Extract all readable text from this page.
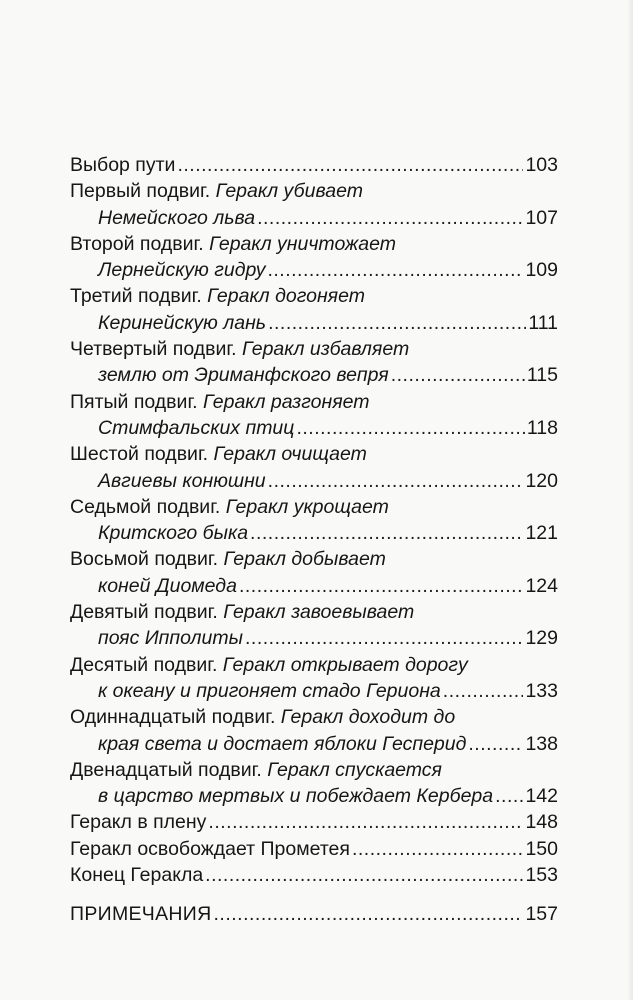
Выбор пути .....	103
Первый подвиг. Геракл убивает
Немейского льва .....	107
Второй подвиг. Геракл уничтожает
Лернейскую гидру .....	109
Третий подвиг. Геракл догоняет
Керинейскую лань .....	111
Четвертый подвиг. Геракл избавляет
землю от Эриманфского вепря .....	115
Пятый подвиг. Геракл разгоняет
Стимфальских птиц .....	118
Шестой подвиг. Геракл очищает
Авгиевы конюшни .....	120
Седьмой подвиг. Геракл укрощает
Критского быка .....	121
Восьмой подвиг. Геракл добывает
коней Диомеда .....	124
Девятый подвиг. Геракл завоевывает
пояс Ипполиты .....	129
Десятый подвиг. Геракл открывает дорогу
к океану и пригоняет стадо Гериона .....	133
Одиннадцатый подвиг. Геракл доходит до
края света и достает яблоки Гесперид .....	138
Двенадцатый подвиг. Геракл спускается
в царство мертвых и побеждает Кербера ..... 142
Геракл в плену .....	148
Геракл освобождает Прометея .....	150
Конец Геракла .....	153
ПРИМЕЧАНИЯ .....	157
